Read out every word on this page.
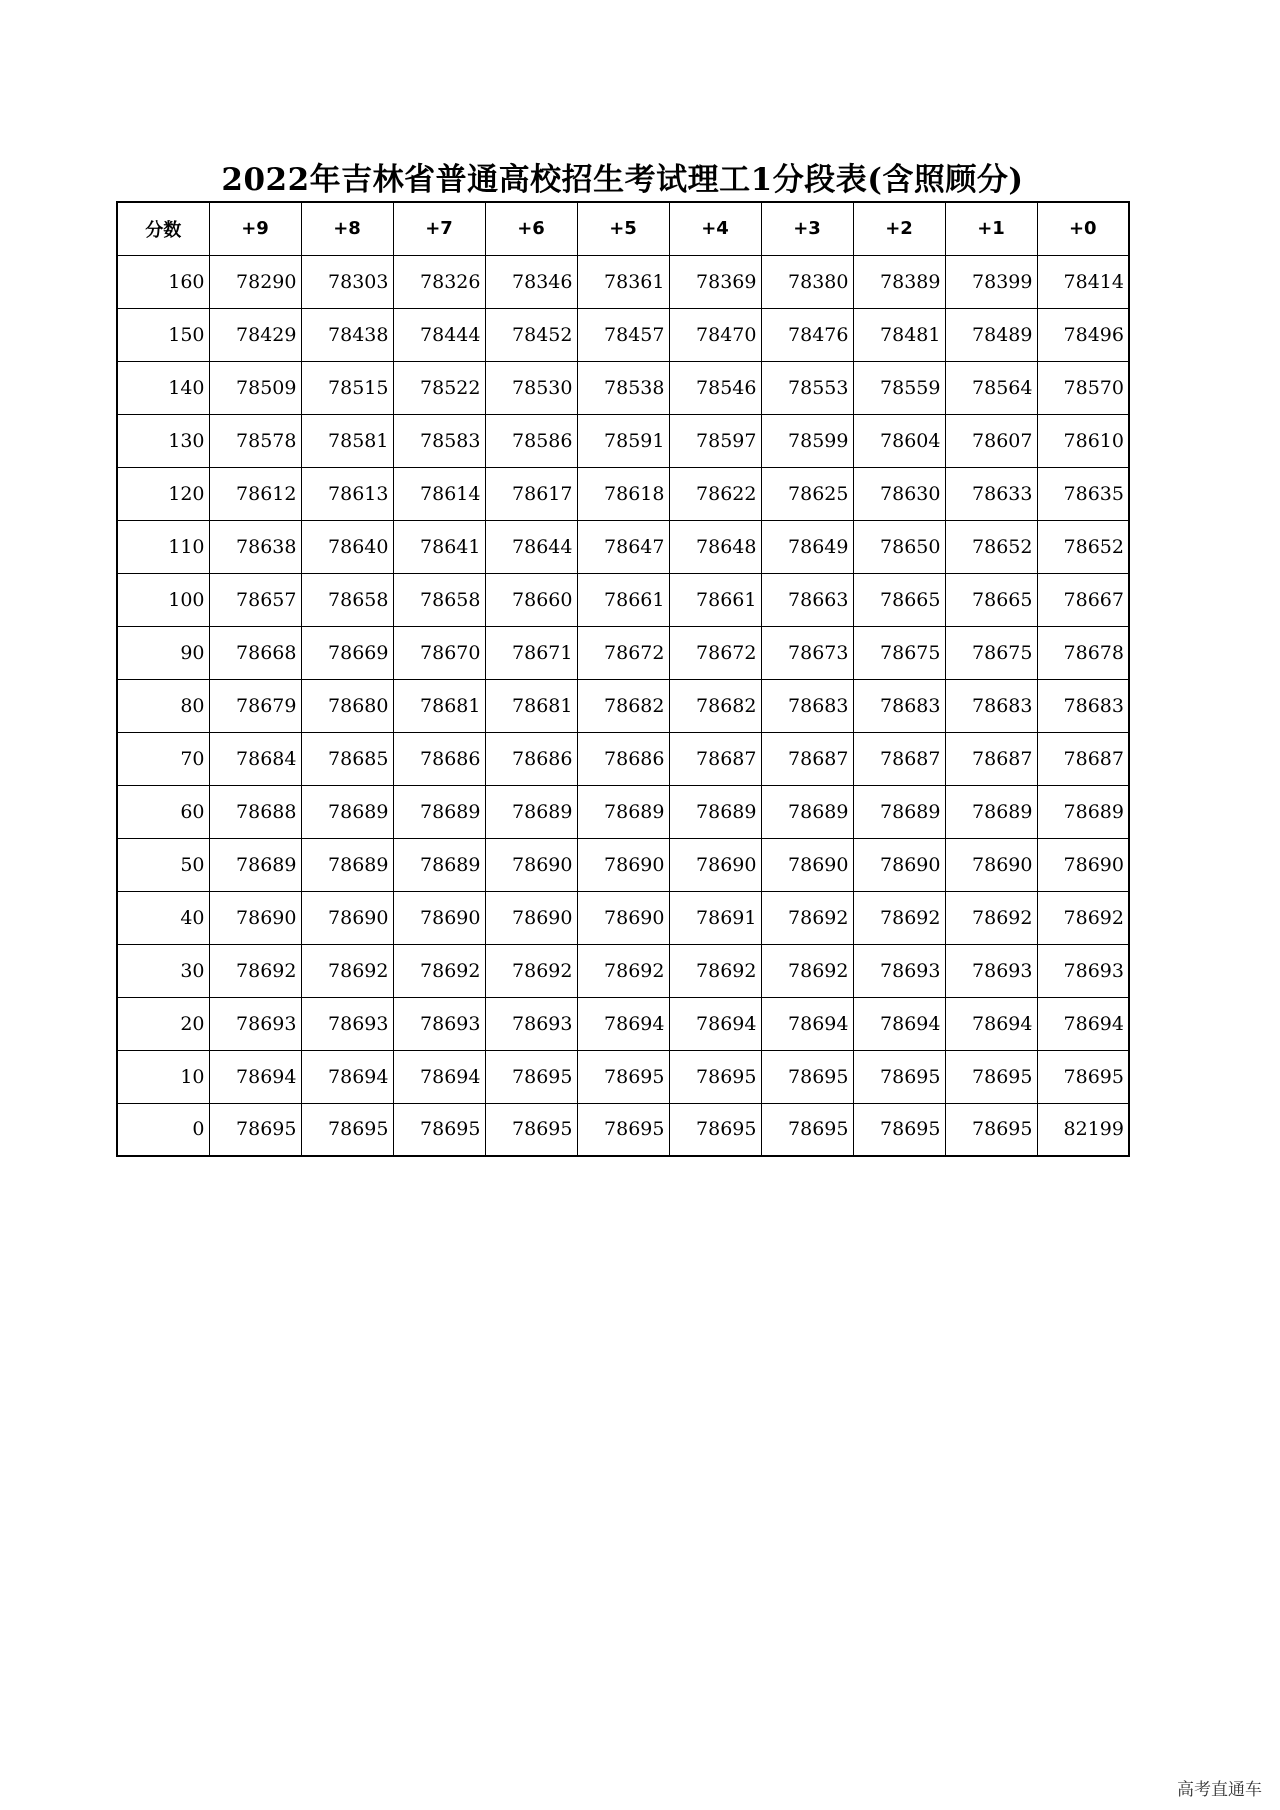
2022年吉林省普通高校招生考试理工1分段表(含照顾分)
分数	+9	+8	+7	+6	+5	+4	+3	+2	+1	+0
160	78290	78303	78326	78346	78361	78369	78380	78389	78399	78414
150	78429	78438	78444	78452	78457	78470	78476	78481	78489	78496
140	78509	78515	78522	78530	78538	78546	78553	78559	78564	78570
130	78578	78581	78583	78586	78591	78597	78599	78604	78607	78610
120	78612	78613	78614	78617	78618	78622	78625	78630	78633	78635
110	78638	78640	78641	78644	78647	78648	78649	78650	78652	78652
100	78657	78658	78658	78660	78661	78661	78663	78665	78665	78667
90	78668	78669	78670	78671	78672	78672	78673	78675	78675	78678
80	78679	78680	78681	78681	78682	78682	78683	78683	78683	78683
70	78684	78685	78686	78686	78686	78687	78687	78687	78687	78687
60	78688	78689	78689	78689	78689	78689	78689	78689	78689	78689
50	78689	78689	78689	78690	78690	78690	78690	78690	78690	78690
40	78690	78690	78690	78690	78690	78691	78692	78692	78692	78692
30	78692	78692	78692	78692	78692	78692	78692	78693	78693	78693
20	78693	78693	78693	78693	78694	78694	78694	78694	78694	78694
10	78694	78694	78694	78695	78695	78695	78695	78695	78695	78695
0	78695	78695	78695	78695	78695	78695	78695	78695	78695	82199
高考直通车
